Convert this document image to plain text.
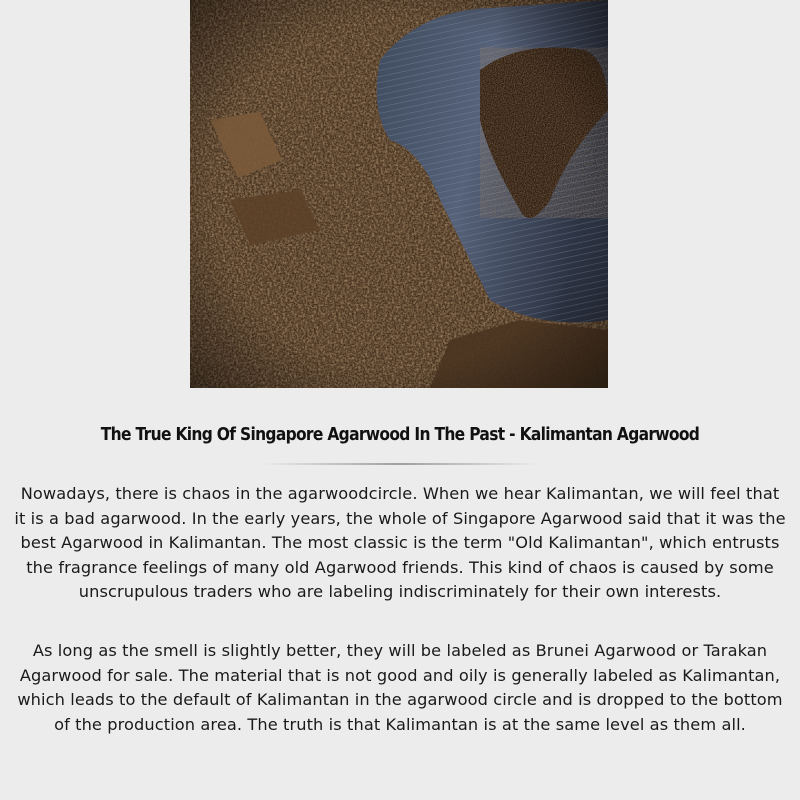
The True King Of Singapore Agarwood In The Past - Kalimantan Agarwood
Nowadays, there is chaos in the agarwoodcircle. When we hear Kalimantan, we will feel that it is a bad agarwood. In the early years, the whole of Singapore Agarwood said that it was the best Agarwood in Kalimantan. The most classic is the term "Old Kalimantan", which entrusts the fragrance feelings of many old Agarwood friends. This kind of chaos is caused by some unscrupulous traders who are labeling indiscriminately for their own interests.
As long as the smell is slightly better, they will be labeled as Brunei Agarwood or Tarakan Agarwood for sale. The material that is not good and oily is generally labeled as Kalimantan, which leads to the default of Kalimantan in the agarwood circle and is dropped to the bottom of the production area. The truth is that Kalimantan is at the same level as them all.
